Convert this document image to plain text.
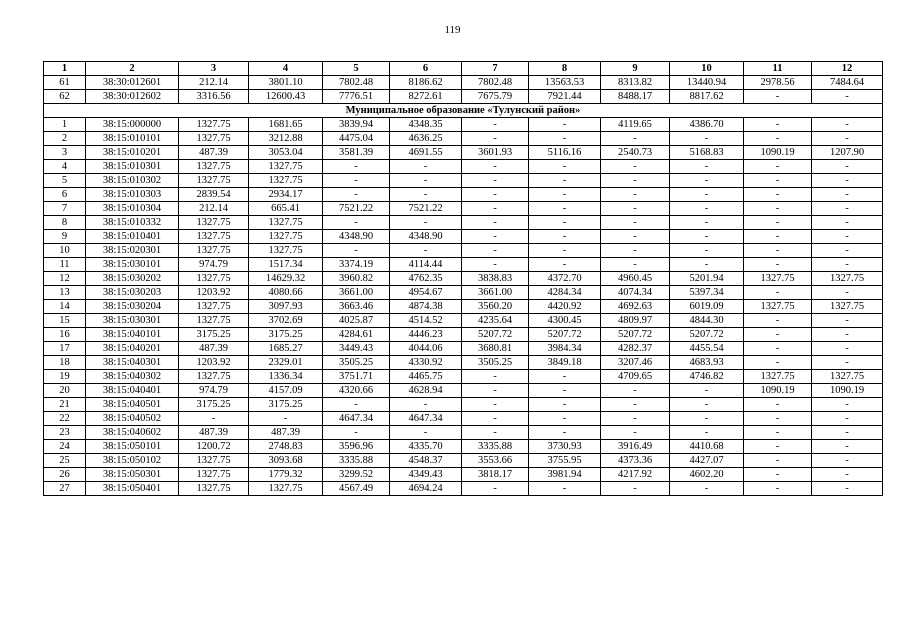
119
1	2	3	4	5	6	7	8	9	10	11	12
61	38:30:012601	212.14	3801.10	7802.48	8186.62	7802.48	13563.53	8313.82	13440.94	2978.56	7484.64
62	38:30:012602	3316.56	12600.43	7776.51	8272.61	7675.79	7921.44	8488.17	8817.62	-	-
Муниципальное образование «Тулунский район»											
1	38:15:000000	1327.75	1681.65	3839.94	4348.35	-	-	4119.65	4386.70	-	-
2	38:15:010101	1327.75	3212.88	4475.04	4636.25	-	-	-	-	-	-
3	38:15:010201	487.39	3053.04	3581.39	4691.55	3601.93	5116.16	2540.73	5168.83	1090.19	1207.90
4	38:15:010301	1327.75	1327.75	-	-	-	-	-	-	-	-
5	38:15:010302	1327.75	1327.75	-	-	-	-	-	-	-	-
6	38:15:010303	2839.54	2934.17	-	-	-	-	-	-	-	-
7	38:15:010304	212.14	665.41	7521.22	7521.22	-	-	-	-	-	-
8	38:15:010332	1327.75	1327.75	-	-	-	-	-	-	-	-
9	38:15:010401	1327.75	1327.75	4348.90	4348.90	-	-	-	-	-	-
10	38:15:020301	1327.75	1327.75	-	-	-	-	-	-	-	-
11	38:15:030101	974.79	1517.34	3374.19	4114.44	-	-	-	-	-	-
12	38:15:030202	1327.75	14629.32	3960.82	4762.35	3838.83	4372.70	4960.45	5201.94	1327.75	1327.75
13	38:15:030203	1203.92	4080.66	3661.00	4954.67	3661.00	4284.34	4074.34	5397.34	-	-
14	38:15:030204	1327.75	3097.93	3663.46	4874.38	3560.20	4420.92	4692.63	6019.09	1327.75	1327.75
15	38:15:030301	1327.75	3702.69	4025.87	4514.52	4235.64	4300.45	4809.97	4844.30	-	-
16	38:15:040101	3175.25	3175.25	4284.61	4446.23	5207.72	5207.72	5207.72	5207.72	-	-
17	38:15:040201	487.39	1685.27	3449.43	4044.06	3680.81	3984.34	4282.37	4455.54	-	-
18	38:15:040301	1203.92	2329.01	3505.25	4330.92	3505.25	3849.18	3207.46	4683.93	-	-
19	38:15:040302	1327.75	1336.34	3751.71	4465.75	-	-	4709.65	4746.82	1327.75	1327.75
20	38:15:040401	974.79	4157.09	4320.66	4628.94	-	-	-	-	1090.19	1090.19
21	38:15:040501	3175.25	3175.25	-	-	-	-	-	-	-	-
22	38:15:040502	-	-	4647.34	4647.34	-	-	-	-	-	-
23	38:15:040602	487.39	487.39	-	-	-	-	-	-	-	-
24	38:15:050101	1200.72	2748.83	3596.96	4335.70	3335.88	3730.93	3916.49	4410.68	-	-
25	38:15:050102	1327.75	3093.68	3335.88	4548.37	3553.66	3755.95	4373.36	4427.07	-	-
26	38:15:050301	1327.75	1779.32	3299.52	4349.43	3818.17	3981.94	4217.92	4602.20	-	-
27	38:15:050401	1327.75	1327.75	4567.49	4694.24	-	-	-	-	-	-
